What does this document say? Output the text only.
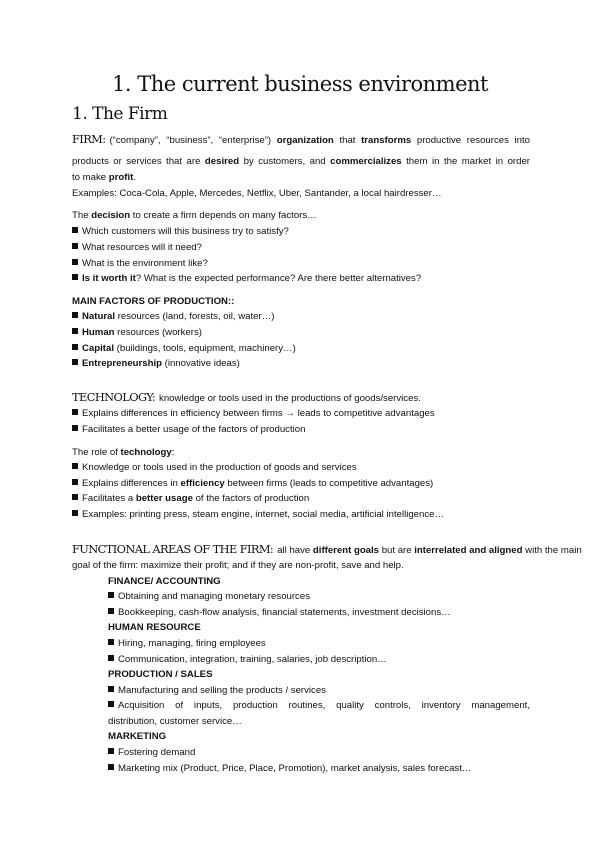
1. The current business environment
1. The Firm
FIRM: (“company”, “business”, “enterprise”) organization that transforms productive resources into
products or services that are desired by customers, and commercializes them in the market in order
to make profit.
Examples: Coca-Cola, Apple, Mercedes, Netflix, Uber, Santander, a local hairdresser…
The decision to create a firm depends on many factors…
Which customers will this business try to satisfy?
What resources will it need?
What is the environment like?
Is it worth it? What is the expected performance? Are there better alternatives?
MAIN FACTORS OF PRODUCTION::
Natural resources (land, forests, oil, water…)
Human resources (workers)
Capital (buildings, tools, equipment, machinery…)
Entrepreneurship (innovative ideas)
TECHNOLOGY: knowledge or tools used in the productions of goods/services.
Explains differences in efficiency between firms → leads to competitive advantages
Facilitates a better usage of the factors of production
The role of technology:
Knowledge or tools used in the production of goods and services
Explains differences in efficiency between firms (leads to competitive advantages)
Facilitates a better usage of the factors of production
Examples: printing press, steam engine, internet, social media, artificial intelligence…
FUNCTIONAL AREAS OF THE FIRM: all have different goals but are interrelated and aligned with the main
goal of the firm: maximize their profit; and if they are non-profit, save and help.
FINANCE/ ACCOUNTING
Obtaining and managing monetary resources
Bookkeeping, cash-flow analysis, financial statements, investment decisions…
HUMAN RESOURCE
Hiring, managing, firing employees
Communication, integration, training, salaries, job description…
PRODUCTION / SALES
Manufacturing and selling the products / services
Acquisition of inputs, production routines, quality controls, inventory management,
distribution, customer service…
MARKETING
Fostering demand
Marketing mix (Product, Price, Place, Promotion), market analysis, sales forecast…
